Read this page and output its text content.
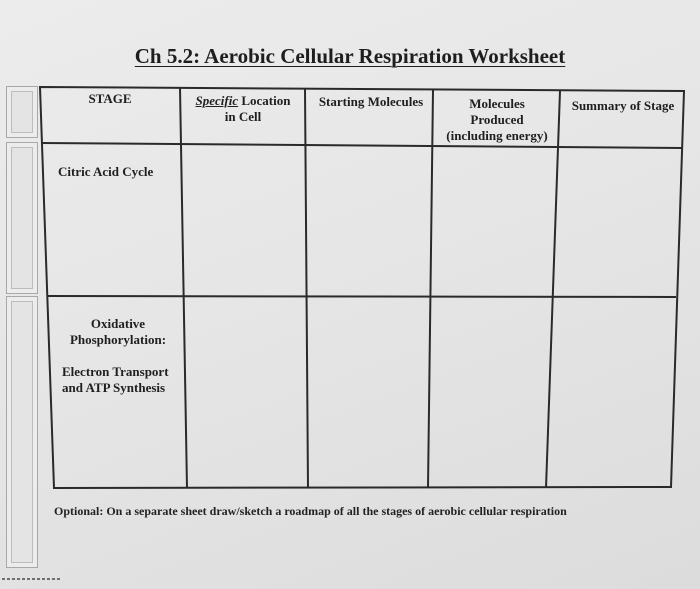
Ch 5.2: Aerobic Cellular Respiration Worksheet
STAGE	Specific Location
in Cell
Starting Molecules	Molecules
Produced
(including energy)
Summary of Stage
Citric Acid Cycle
Oxidative
Phosphorylation:
Electron Transport
and ATP Synthesis
Optional: On a separate sheet draw/sketch a roadmap of all the stages of aerobic cellular respiration
